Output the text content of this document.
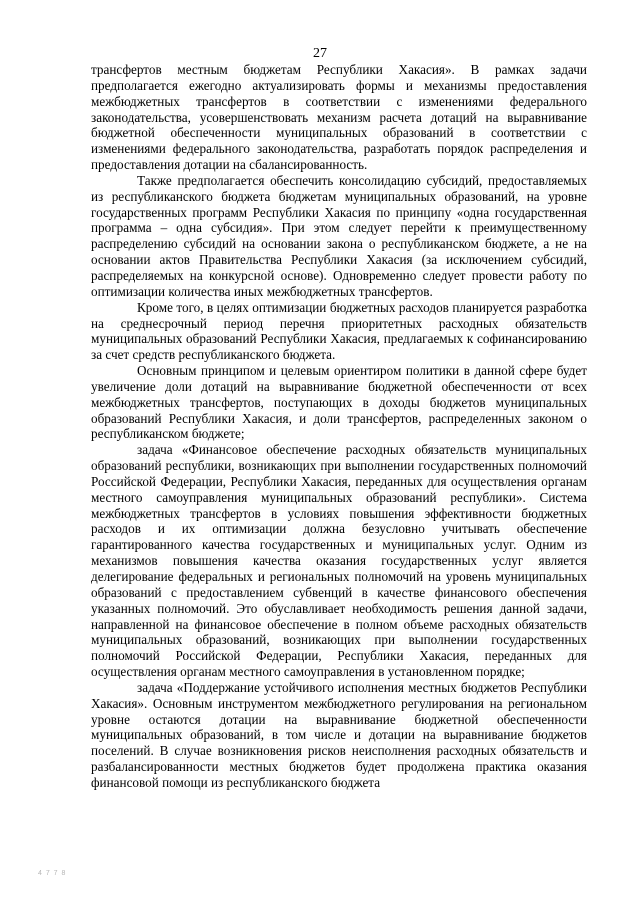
27

трансфертов местным бюджетам Республики Хакасия». В рамках задачи предполагается ежегодно актуализировать формы и механизмы предоставления межбюджетных трансфертов в соответствии с изменениями федерального законодательства, усовершенствовать механизм расчета дотаций на выравнивание бюджетной обеспеченности муниципальных образований в соответствии с изменениями федерального законодательства, разработать порядок распределения и предоставления дотации на сбалансированность.

Также предполагается обеспечить консолидацию субсидий, предоставляемых из республиканского бюджета бюджетам муниципальных образований, на уровне государственных программ Республики Хакасия по принципу «одна государственная программа – одна субсидия». При этом следует перейти к преимущественному распределению субсидий на основании закона о республиканском бюджете, а не на основании актов Правительства Республики Хакасия (за исключением субсидий, распределяемых на конкурсной основе). Одновременно следует провести работу по оптимизации количества иных межбюджетных трансфертов.

Кроме того, в целях оптимизации бюджетных расходов планируется разработка на среднесрочный период перечня приоритетных расходных обязательств муниципальных образований Республики Хакасия, предлагаемых к софинансированию за счет средств республиканского бюджета.

Основным принципом и целевым ориентиром политики в данной сфере будет увеличение доли дотаций на выравнивание бюджетной обеспеченности от всех межбюджетных трансфертов, поступающих в доходы бюджетов муниципальных образований Республики Хакасия, и доли трансфертов, распределенных законом о республиканском бюджете;

задача «Финансовое обеспечение расходных обязательств муниципальных образований республики, возникающих при выполнении государственных полномочий Российской Федерации, Республики Хакасия, переданных для осуществления органам местного самоуправления муниципальных образований республики». Система межбюджетных трансфертов в условиях повышения эффективности бюджетных расходов и их оптимизации должна безусловно учитывать обеспечение гарантированного качества государственных и муниципальных услуг. Одним из механизмов повышения качества оказания государственных услуг является делегирование федеральных и региональных полномочий на уровень муниципальных образований с предоставлением субвенций в качестве финансового обеспечения указанных полномочий. Это обуславливает необходимость решения данной задачи, направленной на финансовое обеспечение в полном объеме расходных обязательств муниципальных образований, возникающих при выполнении государственных полномочий Российской Федерации, Республики Хакасия, переданных для осуществления органам местного самоуправления в установленном порядке;

задача «Поддержание устойчивого исполнения местных бюджетов Республики Хакасия». Основным инструментом межбюджетного регулирования на региональном уровне остаются дотации на выравнивание бюджетной обеспеченности муниципальных образований, в том числе и дотации на выравнивание бюджетов поселений. В случае возникновения рисков неисполнения расходных обязательств и разбалансированности местных бюджетов будет продолжена практика оказания финансовой помощи из республиканского бюджета

4 7 7 8
